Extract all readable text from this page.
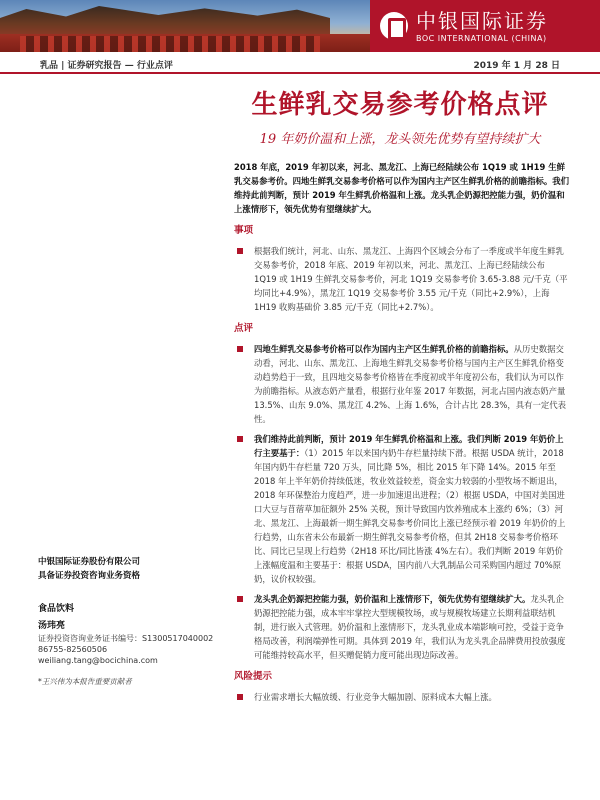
中银国际证券
BOC INTERNATIONAL (CHINA)
乳品 | 证券研究报告 — 行业点评	2019 年 1 月 28 日
生鲜乳交易参考价格点评
19 年奶价温和上涨，龙头领先优势有望持续扩大
2018 年底，2019 年初以来，河北、黑龙江、上海已经陆续公布 1Q19 或 1H19 生鲜乳交易参考价。四地生鲜乳交易参考价格可以作为国内主产区生鲜乳价格的前瞻指标。我们维持此前判断，预计 2019 年生鲜乳价格温和上涨。龙头乳企奶源把控能力强，奶价温和上涨情形下，领先优势有望继续扩大。
事项
根据我们统计，河北、山东、黑龙江、上海四个区域会分布了一季度或半年度生鲜乳交易参考价，2018 年底、2019 年初以来，河北、黑龙江、上海已经陆续公布 1Q19 或 1H19 生鲜乳交易参考价，河北 1Q19 交易参考价 3.65-3.88 元/千克（平均同比+4.9%），黑龙江 1Q19 交易参考价 3.55 元/千克（同比+2.9%），上海 1H19 收购基础价 3.85 元/千克（同比+2.7%）。
点评
四地生鲜乳交易参考价格可以作为国内主产区生鲜乳价格的前瞻指标。从历史数据交动看，河北、山东、黑龙江、上海地生鲜乳交易参考价格与国内主产区生鲜乳价格变动趋势趋于一致，且四地交易参考价格皆在季度初或半年度初公布，我们认为可以作为前瞻指标。从液态奶产量看，根据行业年鉴 2017 年数据，河北占国内液态奶产量 13.5%、山东 9.0%、黑龙江 4.2%、上海 1.6%，合计占比 28.3%，具有一定代表性。
我们维持此前判断，预计 2019 年生鲜乳价格温和上涨。我们判断 2019 年奶价上行主要基于：（1）2015 年以来国内奶牛存栏量持续下滑。根据 USDA 统计，2018 年国内奶牛存栏量 720 万头，同比降 5%，相比 2015 年下降 14%。2015 年至 2018 年上半年奶价持续低迷，牧业效益较差，资金实力较弱的小型牧场不断退出，2018 年环保整治力度趋严，进一步加速退出进程；（2）根据 USDA，中国对美国进口大豆与苜蓿草加征额外 25% 关税，预计导致国内饮养殖成本上涨约 6%；（3）河北、黑龙江、上海最新一期生鲜乳交易参考价同比上涨已经预示着 2019 年奶价的上行趋势，山东省未公布最新一期生鲜乳交易参考价格，但其 2H18 交易参考价格环比、同比已呈现上行趋势（2H18 环比/同比皆涨 4%左右）。我们判断 2019 年奶价上涨幅度温和主要基于：根据 USDA，国内前八大乳制品公司采购国内超过 70%原奶，议价权较强。
龙头乳企奶源把控能力强，奶价温和上涨情形下，领先优势有望继续扩大。龙头乳企奶源把控能力强，成本牢牢掌控大型规模牧场，或与规模牧场建立长期利益联结机制，进行嵌入式管理。奶价温和上涨情形下，龙头乳业成本端影响可控，受益于竞争格局改善，利润端弹性可期。具体到 2019 年，我们认为龙头乳企品牌费用投放强度可能维持较高水平，但买赠促销力度可能出现边际改善。
风险提示
行业需求增长大幅放缓、行业竞争大幅加剧、原料成本大幅上涨。
中银国际证券股份有限公司
具备证券投资咨询业务资格
食品饮料
汤玮亮
证券投资咨询业务证书编号：S1300517040002
86755-82560506
weiliang.tang@bocichina.com
*王兴伟为本报告重要贡献者
